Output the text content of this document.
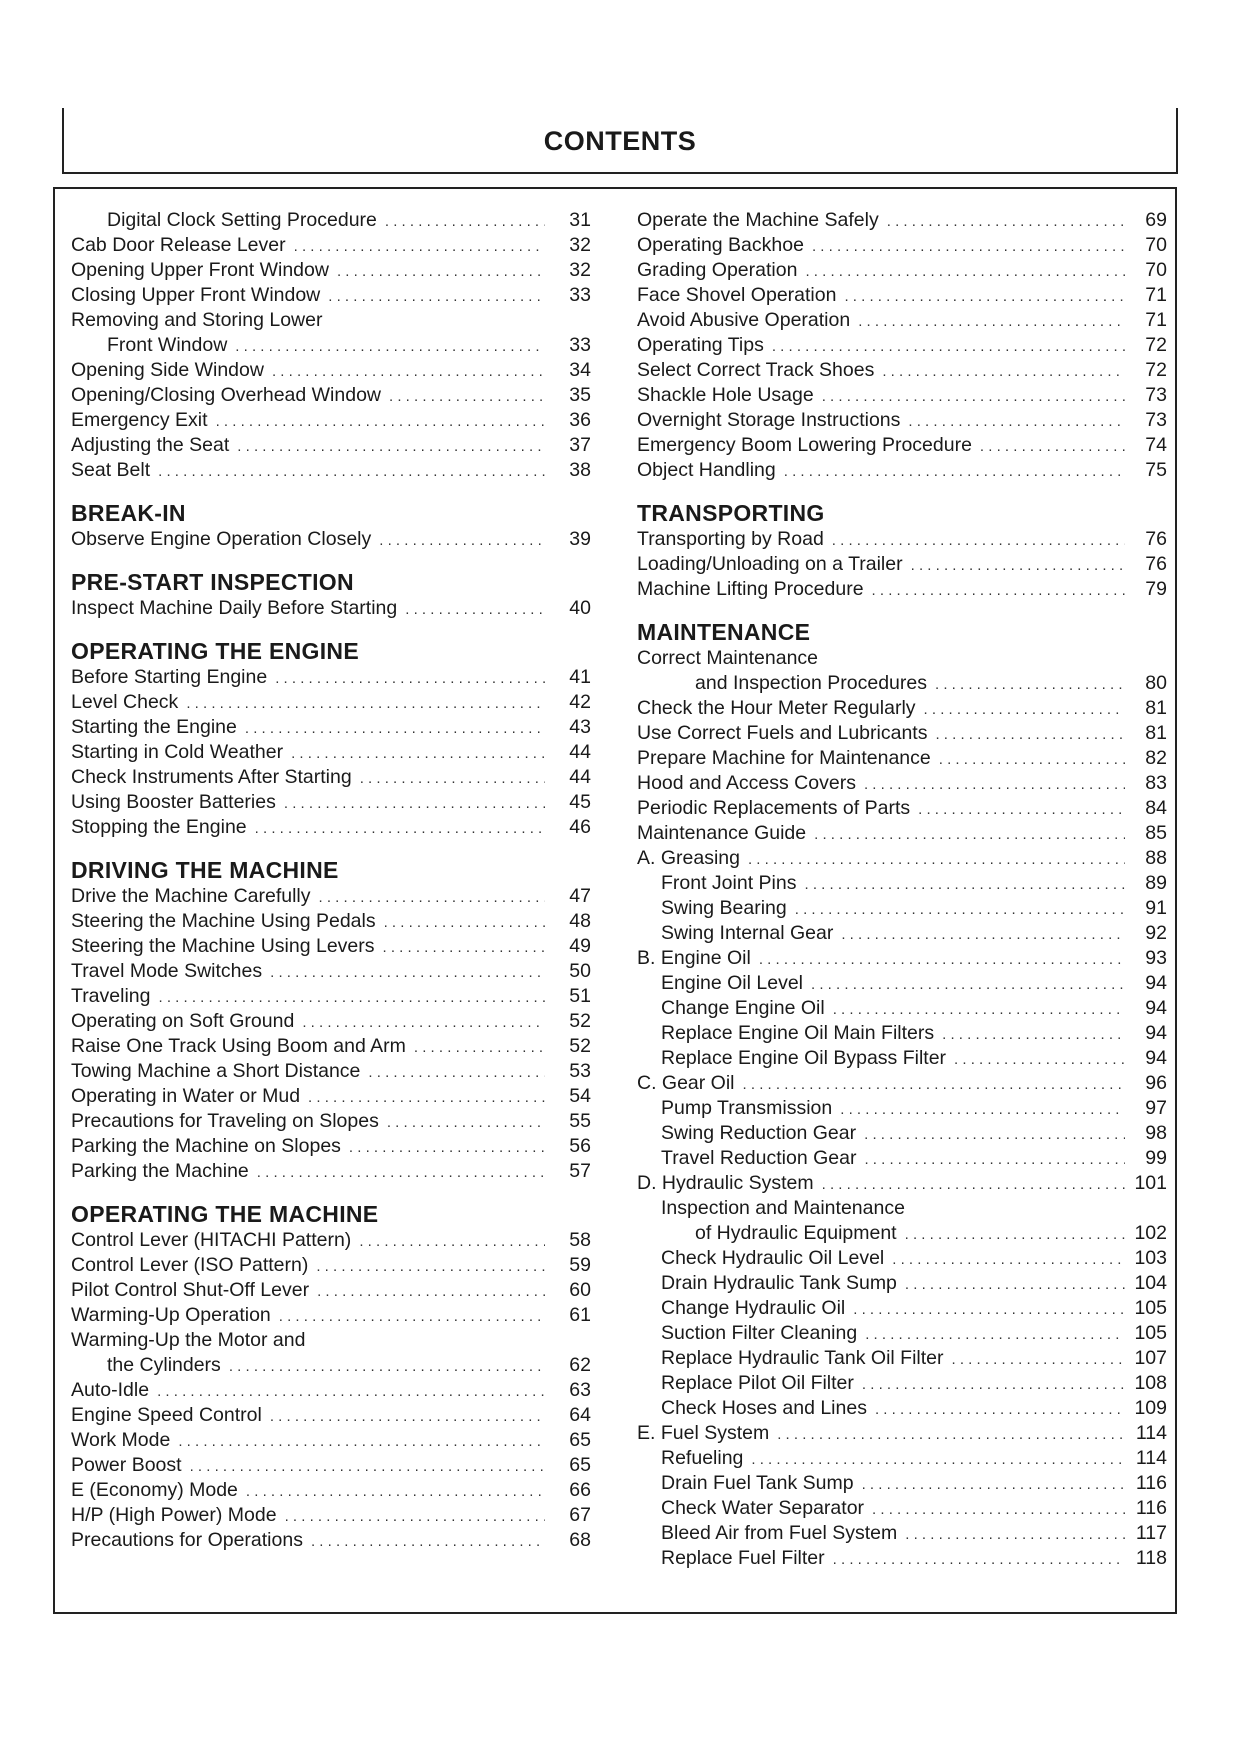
CONTENTS
Digital Clock Setting Procedure . . .	31
Cab Door Release Lever . . .	32
Opening Upper Front Window . . .	32
Closing Upper Front Window . . .	33
Removing and Storing Lower
Front Window . . .	33
Opening Side Window . . .	34
Opening/Closing Overhead Window . . .	35
Emergency Exit . . .	36
Adjusting the Seat . . .	37
Seat Belt . . .	38
BREAK-IN
Observe Engine Operation Closely . . .	39
PRE-START INSPECTION
Inspect Machine Daily Before Starting . . .	40
OPERATING THE ENGINE
Before Starting Engine . . .	41
Level Check . . .	42
Starting the Engine . . .	43
Starting in Cold Weather . . .	44
Check Instruments After Starting . . .	44
Using Booster Batteries . . .	45
Stopping the Engine . . .	46
DRIVING THE MACHINE
Drive the Machine Carefully . . .	47
Steering the Machine Using Pedals . . .	48
Steering the Machine Using Levers . . .	49
Travel Mode Switches . . .	50
Traveling . . .	51
Operating on Soft Ground . . .	52
Raise One Track Using Boom and Arm . . .	52
Towing Machine a Short Distance . . .	53
Operating in Water or Mud . . .	54
Precautions for Traveling on Slopes . . .	55
Parking the Machine on Slopes . . .	56
Parking the Machine . . .	57
OPERATING THE MACHINE
Control Lever (HITACHI Pattern) . . .	58
Control Lever (ISO Pattern) . . .	59
Pilot Control Shut-Off Lever . . .	60
Warming-Up Operation . . .	61
Warming-Up the Motor and
the Cylinders . . .	62
Auto-Idle . . .	63
Engine Speed Control . . .	64
Work Mode . . .	65
Power Boost . . .	65
E (Economy) Mode . . .	66
H/P (High Power) Mode . . .	67
Precautions for Operations . . .	68
Operate the Machine Safely . . .	69
Operating Backhoe . . .	70
Grading Operation . . .	70
Face Shovel Operation . . .	71
Avoid Abusive Operation . . .	71
Operating Tips . . .	72
Select Correct Track Shoes . . .	72
Shackle Hole Usage . . .	73
Overnight Storage Instructions . . .	73
Emergency Boom Lowering Procedure . . .	74
Object Handling . . .	75
TRANSPORTING
Transporting by Road . . .	76
Loading/Unloading on a Trailer . . .	76
Machine Lifting Procedure . . .	79
MAINTENANCE
Correct Maintenance
and Inspection Procedures . . .	80
Check the Hour Meter Regularly . . .	81
Use Correct Fuels and Lubricants . . .	81
Prepare Machine for Maintenance . . .	82
Hood and Access Covers . . .	83
Periodic Replacements of Parts . . .	84
Maintenance Guide . . .	85
A. Greasing . . .	88
Front Joint Pins . . .	89
Swing Bearing . . .	91
Swing Internal Gear . . .	92
B. Engine Oil . . .	93
Engine Oil Level . . .	94
Change Engine Oil . . .	94
Replace Engine Oil Main Filters . . .	94
Replace Engine Oil Bypass Filter . . .	94
C. Gear Oil . . .	96
Pump Transmission . . .	97
Swing Reduction Gear . . .	98
Travel Reduction Gear . . .	99
D. Hydraulic System . . .	101
Inspection and Maintenance
of Hydraulic Equipment . . .	102
Check Hydraulic Oil Level . . .	103
Drain Hydraulic Tank Sump . . .	104
Change Hydraulic Oil . . .	105
Suction Filter Cleaning . . .	105
Replace Hydraulic Tank Oil Filter . . .	107
Replace Pilot Oil Filter . . .	108
Check Hoses and Lines . . .	109
E. Fuel System . . .	114
Refueling . . .	114
Drain Fuel Tank Sump . . .	116
Check Water Separator . . .	116
Bleed Air from Fuel System . . .	117
Replace Fuel Filter . . .	118
